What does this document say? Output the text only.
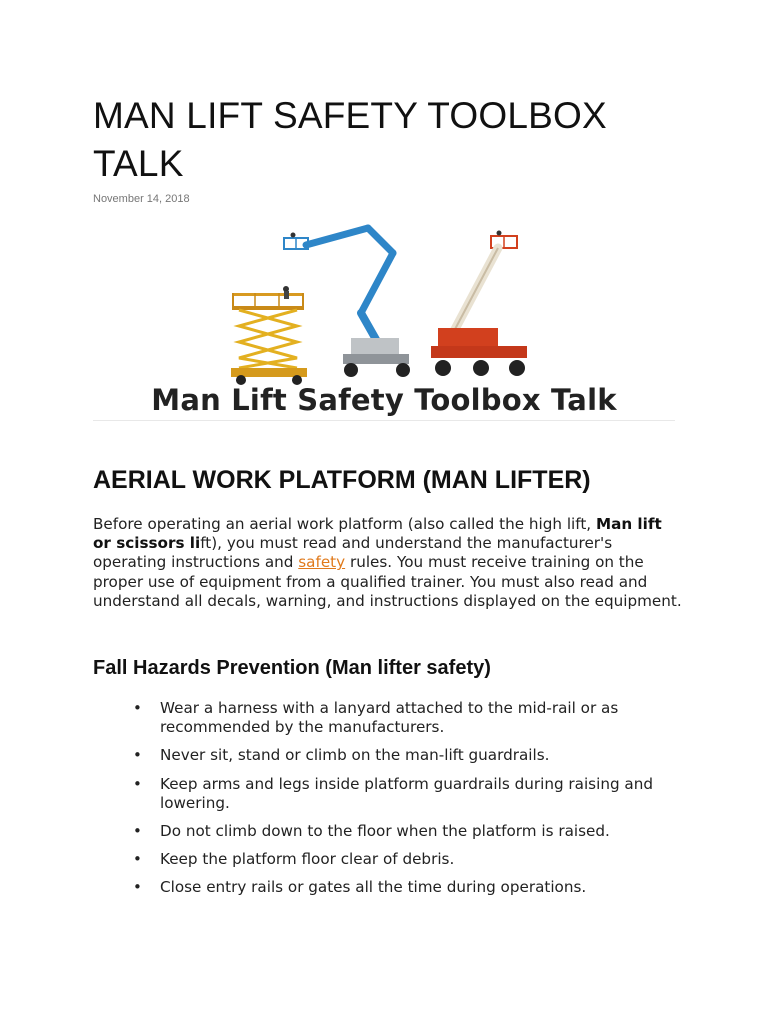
MAN LIFT SAFETY TOOLBOX TALK
November 14, 2018
Man Lift Safety Toolbox Talk
AERIAL WORK PLATFORM (MAN LIFTER)

Before operating an aerial work platform (also called the high lift, Man lift or scissors lift), you must read and understand the manufacturer's operating instructions and safety rules. You must receive training on the proper use of equipment from a qualified trainer. You must also read and understand all decals, warning, and instructions displayed on the equipment.

Fall Hazards Prevention (Man lifter safety)
• Wear a harness with a lanyard attached to the mid-rail or as recommended by the manufacturers.
• Never sit, stand or climb on the man-lift guardrails.
• Keep arms and legs inside platform guardrails during raising and lowering.
• Do not climb down to the floor when the platform is raised.
• Keep the platform floor clear of debris.
• Close entry rails or gates all the time during operations.
